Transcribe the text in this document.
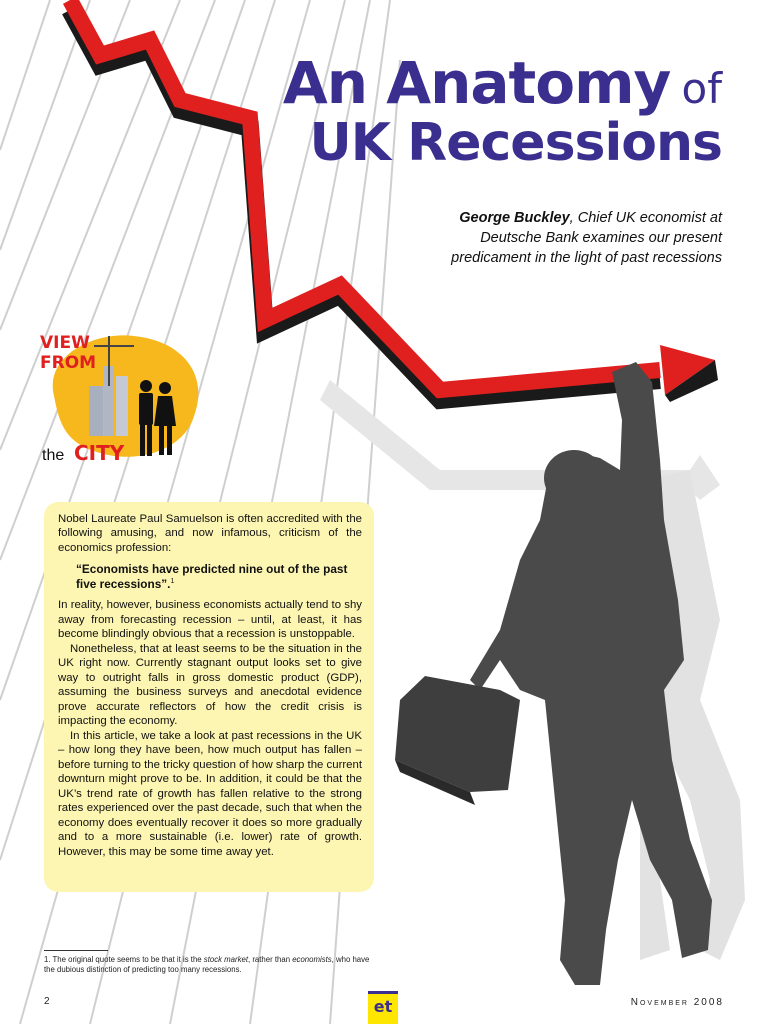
An Anatomy of
UK Recessions
George Buckley, Chief UK economist at Deutsche Bank examines our present predicament in the light of past recessions
VIEW
FROM
the CITY

Nobel Laureate Paul Samuelson is often accredited with the following amusing, and now infamous, criticism of the economics profession:

“Economists have predicted nine out of the past five recessions”.$^1$

In reality, however, business economists actually tend to shy away from forecasting recession – until, at least, it has become blindingly obvious that a recession is unstoppable.

Nonetheless, that at least seems to be the situation in the UK right now. Currently stagnant output looks set to give way to outright falls in gross domestic product (GDP), assuming the business surveys and anecdotal evidence prove accurate reflectors of how the credit crisis is impacting the economy.

In this article, we take a look at past recessions in the UK – how long they have been, how much output has fallen – before turning to the tricky question of how sharp the current downturn might prove to be. In addition, it could be that the UK’s trend rate of growth has fallen relative to the strong rates experienced over the past decade, such that when the economy does eventually recover it does so more gradually and to a more sustainable (i.e. lower) rate of growth. However, this may be some time away yet.

1. The original quote seems to be that it is the stock market, rather than economists, who have the dubious distinction of predicting too many recessions.
2	et	November 2008
